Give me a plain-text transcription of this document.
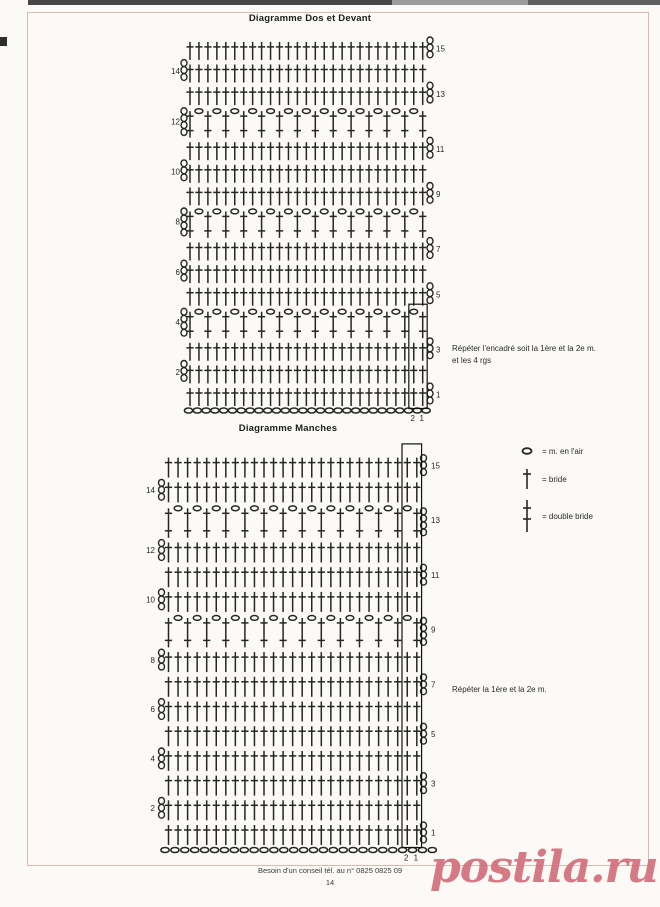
Diagramme Dos et Devant
Diagramme Manches
1
2
3
4
5
6
7
8
9
10
11
12
13
14
15
2 1
1
2
3
4
5
6
7
8
9
10
11
12
13
14
15
2 1
Répéter l'encadré soit la 1ère et la 2e m.
et les 4 rgs
Répéter la 1ère et la 2e m.
= m. en l'air
= bride
= double bride
Besoin d'un conseil tél. au n° 0825 0825 09
14	postila.ru
